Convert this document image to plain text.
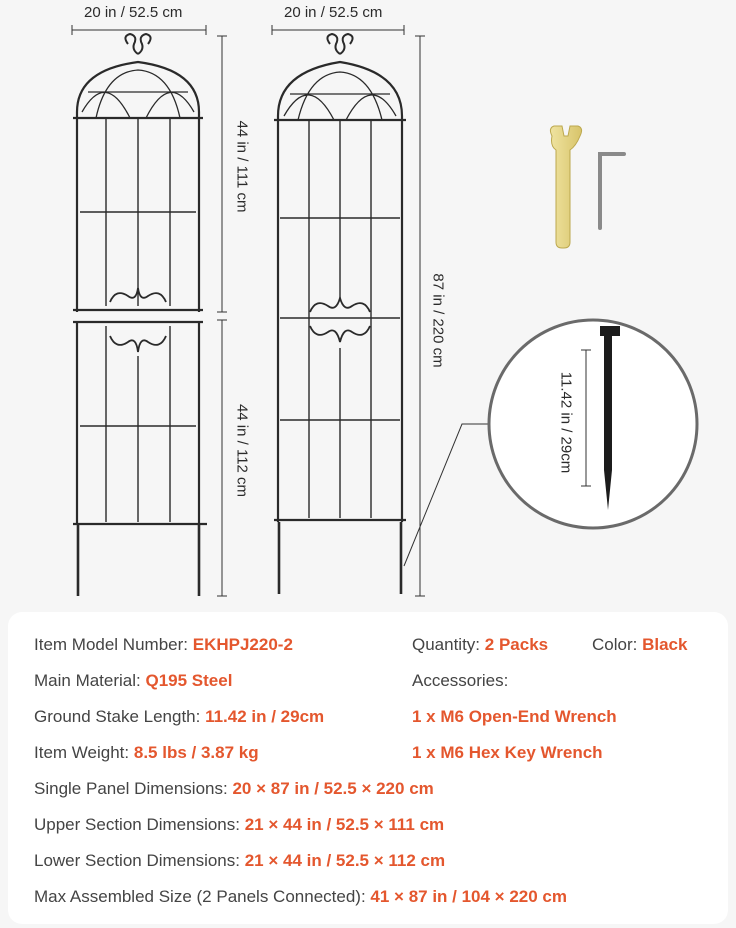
20 in / 52.5 cm	20 in / 52.5 cm
44 in / 111 cm
44 in / 112 cm
87 in / 220 cm
11.42 in / 29cm
Item Model Number: EKHPJ220-2
Main Material: Q195 Steel
Ground Stake Length: 11.42 in / 29cm
Item Weight: 8.5 lbs / 3.87 kg
Single Panel Dimensions: 20 × 87 in / 52.5 × 220 cm
Upper Section Dimensions: 21 × 44 in / 52.5 × 111 cm
Lower Section Dimensions: 21 × 44 in / 52.5 × 112 cm
Max Assembled Size (2 Panels Connected): 41 × 87 in / 104 × 220 cm
Quantity: 2 Packs	Color: Black
Accessories:
1 x M6 Open-End Wrench
1 x M6 Hex Key Wrench
